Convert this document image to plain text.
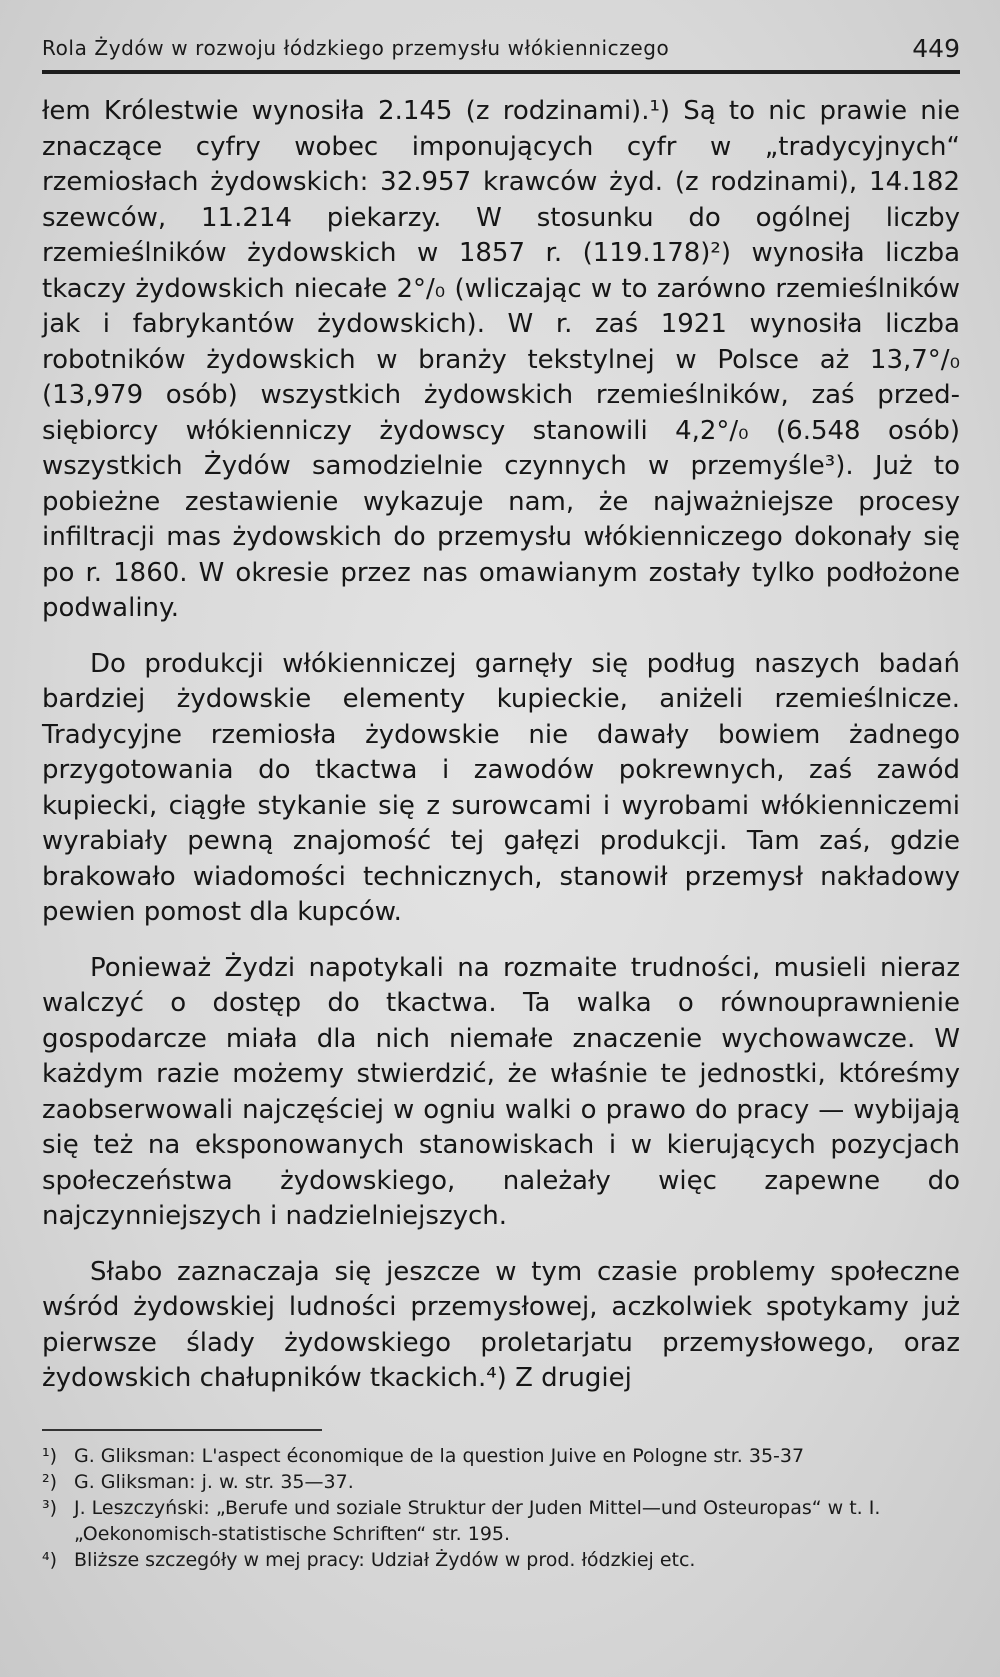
Rola Żydów w rozwoju łódzkiego przemysłu włókienniczego	449

łem Królestwie wynosiła 2.145 (z rodzinami).¹) Są to nic prawie nie znaczące cyfry wobec imponujących cyfr w „tradycyjnych“ rzemiosłach żydowskich: 32.957 krawców żyd. (z rodzinami), 14.182 szewców, 11.214 piekarzy. W stosunku do ogólnej liczby rzemieślników żydowskich w 1857 r. (119.178)²) wynosiła liczba tkaczy żydowskich niecałe 2°/₀ (wliczając w to zarówno rzemieślników jak i fabrykantów żydowskich). W r. zaś 1921 wynosiła liczba robotników żydowskich w branży tekstylnej w Polsce aż 13,7°/₀ (13,979 osób) wszystkich żydowskich rzemieślników, zaś przedsiębiorcy włókienniczy żydowscy stanowili 4,2°/₀ (6.548 osób) wszystkich Żydów samodzielnie czynnych w przemyśle³). Już to pobieżne zestawienie wykazuje nam, że najważniejsze procesy infiltracji mas żydowskich do przemysłu włókienniczego dokonały się po r. 1860. W okresie przez nas omawianym zostały tylko podłożone podwaliny.

Do produkcji włókienniczej garnęły się podług naszych badań bardziej żydowskie elementy kupieckie, aniżeli rzemieślnicze. Tradycyjne rzemiosła żydowskie nie dawały bowiem żadnego przygotowania do tkactwa i zawodów pokrewnych, zaś zawód kupiecki, ciągłe stykanie się z surowcami i wyrobami włókienniczemi wyrabiały pewną znajomość tej gałęzi produkcji. Tam zaś, gdzie brakowało wiadomości technicznych, stanowił przemysł nakładowy pewien pomost dla kupców.

Ponieważ Żydzi napotykali na rozmaite trudności, musieli nieraz walczyć o dostęp do tkactwa. Ta walka o równouprawnienie gospodarcze miała dla nich niemałe znaczenie wychowawcze. W każdym razie możemy stwierdzić, że właśnie te jednostki, któreśmy zaobserwowali najczęściej w ogniu walki o prawo do pracy — wybijają się też na eksponowanych stanowiskach i w kierujących pozycjach społeczeństwa żydowskiego, należały więc zapewne do najczynniejszych i nadzielniejszych.

Słabo zaznaczaja się jeszcze w tym czasie problemy społeczne wśród żydowskiej ludności przemysłowej, aczkolwiek spotykamy już pierwsze ślady żydowskiego proletarjatu przemysłowego, oraz żydowskich chałupników tkackich.⁴) Z drugiej

¹) G. Gliksman: L'aspect économique de la question Juive en Pologne str. 35-37

²) G. Gliksman: j. w. str. 35—37.

³) J. Leszczyński: „Berufe und soziale Struktur der Juden Mittel—und Osteuropas“ w t. I. „Oekonomisch-statistische Schriften“ str. 195.

⁴) Bliższe szczegóły w mej pracy: Udział Żydów w prod. łódzkiej etc.
